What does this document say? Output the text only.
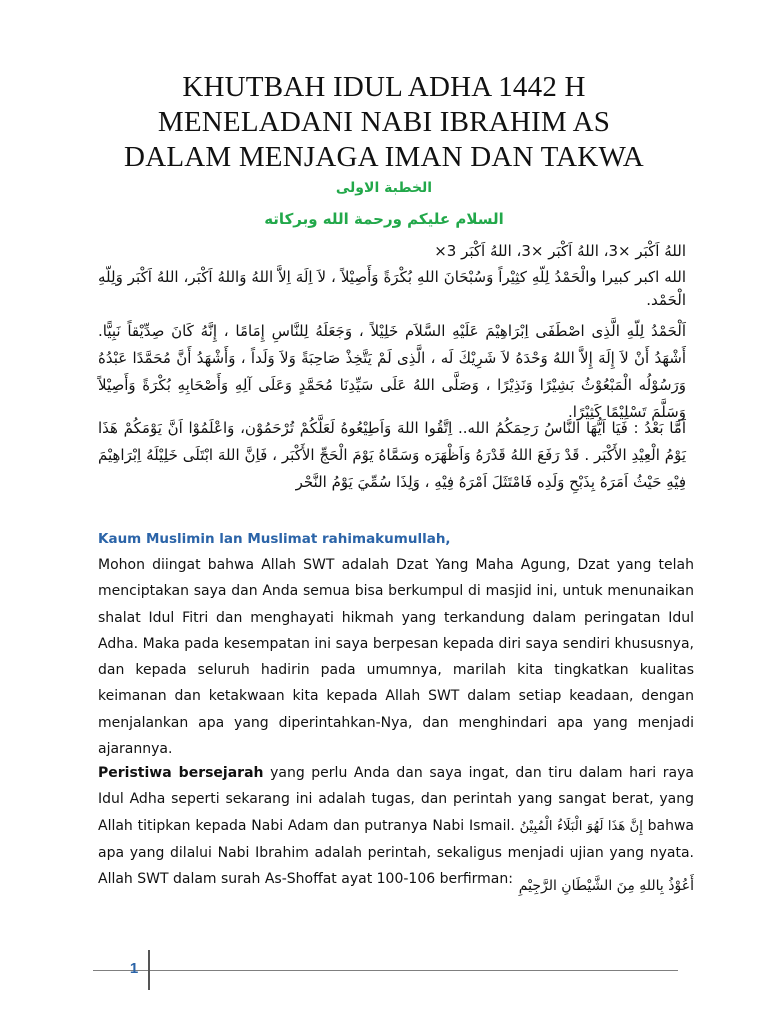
KHUTBAH IDUL ADHA 1442 H
MENELADANI NABI IBRAHIM AS
DALAM MENJAGA IMAN DAN TAKWA
الخطبة الاولى
السلام عليكم ورحمة الله وبركاته
اللهُ اَكْبَر ×3، اللهُ اَكْبَر ×3، اللهُ اَكْبَر 3×
الله اكبر كبيرا والْحَمْدُ لِلّهِ كثِيْراً وَسُبْحَانَ اللهِ بُكْرَةً وَأَصِيْلاً ، لاَ اِلَهَ اِلاَّ اللهُ وَاللهُ اَكْبَر، اللهُ اَكْبَر وَلِلّهِ الْحَمْد.
اَلْحَمْدُ لِلّهِ الَّذِى اصْطَفَى اِبْرَاهِيْمَ عَلَيْهِ السَّلاَم خَلِيْلاً ، وَجَعَلَهُ لِلنَّاسِ إِمَامًا ، إِنَّهُ كَانَ صِدِّيْقاً نَبِيًّا. أَشْهَدُ أَنْ لاَ إِلَهَ إِلاَّ اللهُ وَحْدَهُ لاَ شَرِيْكَ لَه ، الَّذِى لَمْ يَتَّخِذْ صَاحِبَةً وَلاَ وَلَداً ، وَأَشْهَدُ أَنَّ مُحَمَّدًا عَبْدُهُ وَرَسُوْلُه الْمَبْعُوْثُ بَشِيْرًا وَنَذِيْرًا ، وَصَلَّى اللهُ عَلَى سَيِّدِنَا مُحَمَّدٍ وَعَلَى آلِهِ وَأَصْحَابِهِ بُكْرَةً وَأَصِيْلاً وَسَلَّمَ تَسْلِيْمًا كَثِيْرًا.
اَمَّا بَعْدُ : فَيَا اَيُّهَا النَّاسُ رَحِمَكُمُ الله.. اِتَّقُوا اللهَ وَاَطِيْعُوهُ لَعَلَّكُمْ تُرْحَمُوْن، وَاعْلَمُوْا اَنَّ يَوْمَكُمْ هَذَا يَوْمُ الْعِيْدِ الأَكْبَر . قَدْ رَفَعَ اللهُ قَدْرَهُ وَاَظْهَرَه وَسَمَّاهُ يَوْمَ الْحَجِّ الأَكْبَر ، فَاِنَّ اللهَ ابْتَلَى خَلِيْلَهُ اِبْرَاهِيْمَ فِيْهِ حَيْثُ اَمَرَهُ بِذَبْحِ وَلَدِه فَامْتَثَلَ اَمْرَهُ فِيْهِ ، وَلِذَا سُمِّيَ يَوْمُ النَّحْر
Kaum Muslimin lan Muslimat rahimakumullah,
Mohon diingat bahwa Allah SWT adalah Dzat Yang Maha Agung, Dzat yang telah menciptakan saya dan Anda semua bisa berkumpul di masjid ini, untuk menunaikan shalat Idul Fitri dan menghayati hikmah yang terkandung dalam peringatan Idul Adha. Maka pada kesempatan ini saya berpesan kepada diri saya sendiri khususnya, dan kepada seluruh hadirin pada umumnya, marilah kita tingkatkan kualitas keimanan dan ketakwaan kita kepada Allah SWT dalam setiap keadaan, dengan menjalankan apa yang diperintahkan-Nya, dan menghindari apa yang menjadi ajarannya.
Peristiwa bersejarah yang perlu Anda dan saya ingat, dan tiru dalam hari raya Idul Adha seperti sekarang ini adalah tugas, dan perintah yang sangat berat, yang Allah titipkan kepada Nabi Adam dan putranya Nabi Ismail. إِنَّ هَذَا لَهُوَ الْبَلَاءُ الْمُبِيْنُ bahwa apa yang dilalui Nabi Ibrahim adalah perintah, sekaligus menjadi ujian yang nyata. Allah SWT dalam surah As-Shoffat ayat 100-106 berfirman: أَعُوْذُ بِاللهِ مِنَ الشَّيْطَانِ الرَّجِيْمِ
1
